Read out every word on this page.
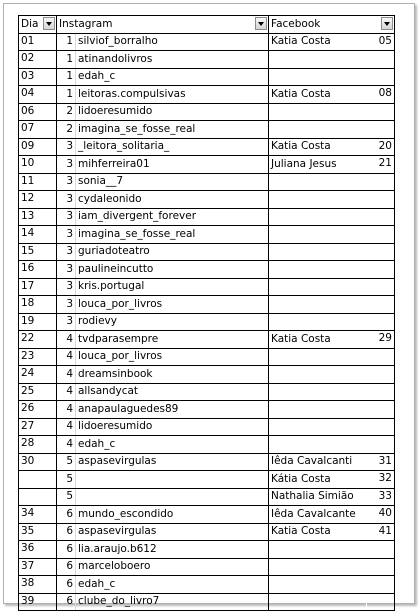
Dia	Instagram		Facebook	

01	1	silviof_borralho	Katia Costa	05
02	1	atinandolivros		
03	1	edah_c		
04	1	leitoras.compulsivas	Katia Costa	08
06	2	lidoeresumido		
07	2	imagina_se_fosse_real		
09	3	_leitora_solitaria_	Katia Costa	20
10	3	mihferreira01	Juliana Jesus	21
11	3	sonia__7		
12	3	cydaleonido		
13	3	iam_divergent_forever		
14	3	imagina_se_fosse_real		
15	3	guriadoteatro		
16	3	paulineincutto		
17	3	kris.portugal		
18	3	louca_por_livros		
19	3	rodievy		
22	4	tvdparasempre	Katia Costa	29
23	4	louca_por_livros		
24	4	dreamsinbook		
25	4	allsandycat		
26	4	anapaulaguedes89		
27	4	lidoeresumido		
28	4	edah_c		
30	5	aspasevirgulas	Iêda Cavalcanti	31
	5		Kátia Costa	32
	5		Nathalia Simião	33
34	6	mundo_escondido	Iêda Cavalcante	40
35	6	aspasevirgulas	Katia Costa	41
36	6	lia.araujo.b612		
37	6	marceloboero		
38	6	edah_c		
39	6	clube_do_livro7		
